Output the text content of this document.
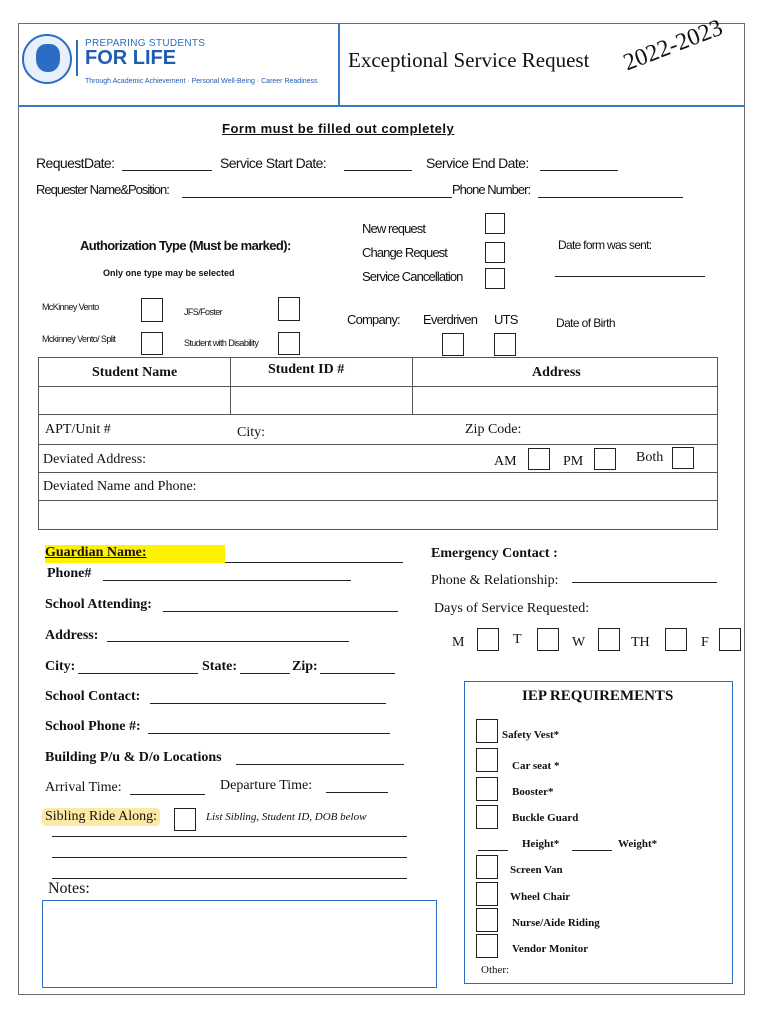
PREPARING STUDENTS
FOR LIFE
Through Academic Achievement · Personal Well-Being · Career Readiness
Exceptional Service Request 2022-2023
Form must be filled out completely
RequestDate:	Service Start Date:	Service End Date:
Requester Name&Position:	Phone Number:
Authorization Type (Must be marked):
Only one type may be selected
New request
Change Request
Service Cancellation
Date form was sent:
McKinney Vento
Mckinney Vento/ Split
JFS/Foster
Student with Disability
Company: Everdriven UTS	Date of Birth
Student Name	Student ID #	Address
APT/Unit #	City:	Zip Code:
Deviated Address:	AM	PM	Both
Deviated Name and Phone:
Guardian Name:
Phone#
School Attending:
Address:
City:	State:	Zip:
School Contact:
School Phone #:
Building P/u & D/o Locations
Arrival Time:	Departure Time:
Sibling Ride Along:	List Sibling, Student ID, DOB below
Notes:
Emergency Contact :
Phone & Relationship:
Days of Service Requested:
M	T	W	TH	F
IEP REQUIREMENTS
Safety Vest*
Car seat *
Booster*
Buckle Guard
Height*	Weight*
Screen Van
Wheel Chair
Nurse/Aide Riding
Vendor Monitor
Other:
